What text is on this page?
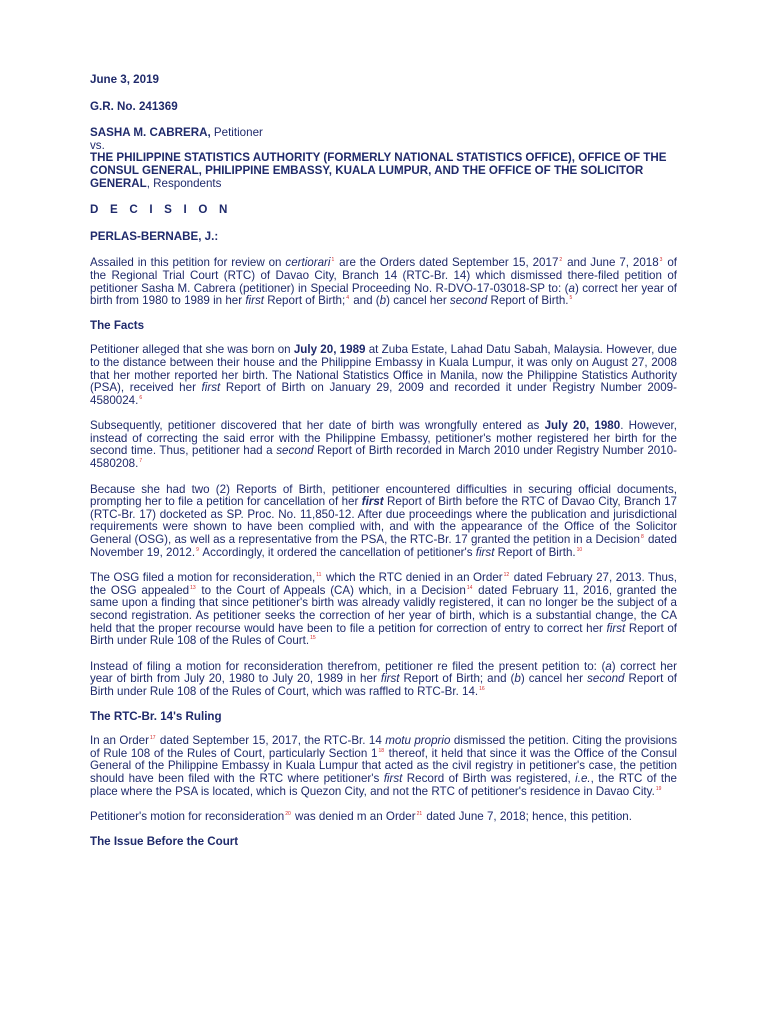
June 3, 2019

G.R. No. 241369

SASHA M. CABRERA, Petitioner

vs.

THE PHILIPPINE STATISTICS AUTHORITY (FORMERLY NATIONAL STATISTICS OFFICE), OFFICE OF THE CONSUL GENERAL, PHILIPPINE EMBASSY, KUALA LUMPUR, AND THE OFFICE OF THE SOLICITOR GENERAL, Respondents

D E C I S I O N

PERLAS-BERNABE, J.:

Assailed in this petition for review on certiorari$^1$ are the Orders dated September 15, 2017$^2$ and June 7, 2018$^3$ of the Regional Trial Court (RTC) of Davao City, Branch 14 (RTC-Br. 14) which dismissed there-filed petition of petitioner Sasha M. Cabrera (petitioner) in Special Proceeding No. R-DVO-17-03018-SP to: (a) correct her year of birth from 1980 to 1989 in her first Report of Birth;$^4$ and (b) cancel her second Report of Birth.$^5$

The Facts

Petitioner alleged that she was born on July 20, 1989 at Zuba Estate, Lahad Datu Sabah, Malaysia. However, due to the distance between their house and the Philippine Embassy in Kuala Lumpur, it was only on August 27, 2008 that her mother reported her birth. The National Statistics Office in Manila, now the Philippine Statistics Authority (PSA), received her first Report of Birth on January 29, 2009 and recorded it under Registry Number 2009-4580024.$^6$

Subsequently, petitioner discovered that her date of birth was wrongfully entered as July 20, 1980. However, instead of correcting the said error with the Philippine Embassy, petitioner's mother registered her birth for the second time. Thus, petitioner had a second Report of Birth recorded in March 2010 under Registry Number 2010-4580208.$^7$

Because she had two (2) Reports of Birth, petitioner encountered difficulties in securing official documents, prompting her to file a petition for cancellation of her first Report of Birth before the RTC of Davao City, Branch 17 (RTC-Br. 17) docketed as SP. Proc. No. 11,850-12. After due proceedings where the publication and jurisdictional requirements were shown to have been complied with, and with the appearance of the Office of the Solicitor General (OSG), as well as a representative from the PSA, the RTC-Br. 17 granted the petition in a Decision$^8$ dated November 19, 2012.$^9$ Accordingly, it ordered the cancellation of petitioner's first Report of Birth.$^{10}$

The OSG filed a motion for reconsideration,$^{11}$ which the RTC denied in an Order$^{12}$ dated February 27, 2013. Thus, the OSG appealed$^{13}$ to the Court of Appeals (CA) which, in a Decision$^{14}$ dated February 11, 2016, granted the same upon a finding that since petitioner's birth was already validly registered, it can no longer be the subject of a second registration. As petitioner seeks the correction of her year of birth, which is a substantial change, the CA held that the proper recourse would have been to file a petition for correction of entry to correct her first Report of Birth under Rule 108 of the Rules of Court.$^{15}$

Instead of filing a motion for reconsideration therefrom, petitioner re filed the present petition to: (a) correct her year of birth from July 20, 1980 to July 20, 1989 in her first Report of Birth; and (b) cancel her second Report of Birth under Rule 108 of the Rules of Court, which was raffled to RTC-Br. 14.16

The RTC-Br. 14's Ruling

In an Order$^{17}$ dated September 15, 2017, the RTC-Br. 14 motu proprio dismissed the petition. Citing the provisions of Rule 108 of the Rules of Court, particularly Section 1$^{18}$ thereof, it held that since it was the Office of the Consul General of the Philippine Embassy in Kuala Lumpur that acted as the civil registry in petitioner's case, the petition should have been filed with the RTC where petitioner's first Record of Birth was registered, i.e., the RTC of the place where the PSA is located, which is Quezon City, and not the RTC of petitioner's residence in Davao City.$^{19}$

Petitioner's motion for reconsideration$^{20}$ was denied m an Order$^{21}$ dated June 7, 2018; hence, this petition.

The Issue Before the Court
